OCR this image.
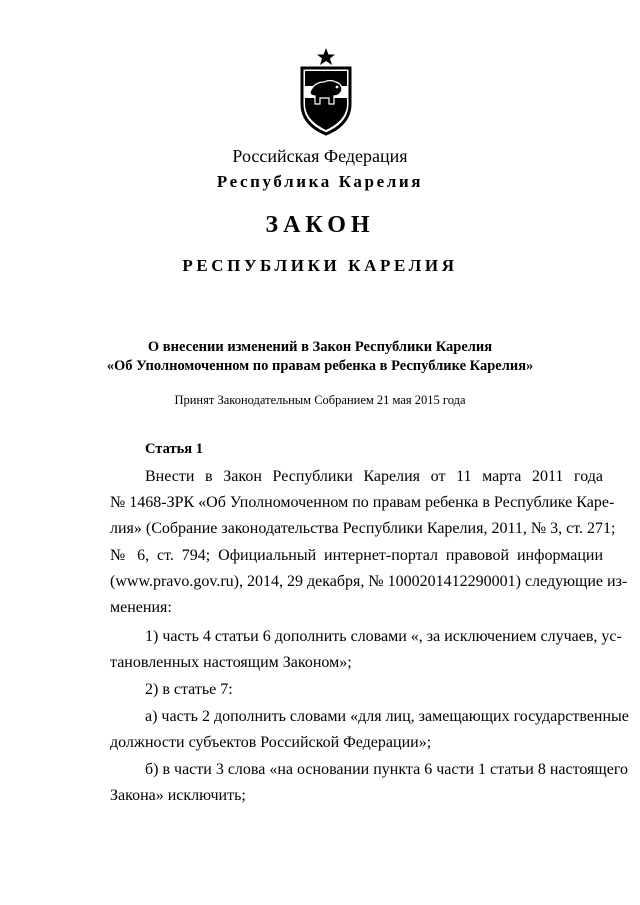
Российская Федерация
Республика Карелия
ЗАКОН
РЕСПУБЛИКИ КАРЕЛИЯ
О внесении изменений в Закон Республики Карелия
«Об Уполномоченном по правам ребенка в Республике Карелия»
Принят Законодательным Собранием 21 мая 2015 года
Статья 1
Внести в Закон Республики Карелия от 11 марта 2011 года
№ 1468-ЗРК «Об Уполномоченном по правам ребенка в Республике Каре-
лия» (Собрание законодательства Республики Карелия, 2011, № 3, ст. 271;
№ 6, ст. 794; Официальный интернет-портал правовой информации
(www.pravo.gov.ru), 2014, 29 декабря, № 1000201412290001) следующие из-
менения:
1) часть 4 статьи 6 дополнить словами «, за исключением случаев, ус-
тановленных настоящим Законом»;
2) в статье 7:
а) часть 2 дополнить словами «для лиц, замещающих государственные
должности субъектов Российской Федерации»;
б) в части 3 слова «на основании пункта 6 части 1 статьи 8 настоящего
Закона» исключить;
